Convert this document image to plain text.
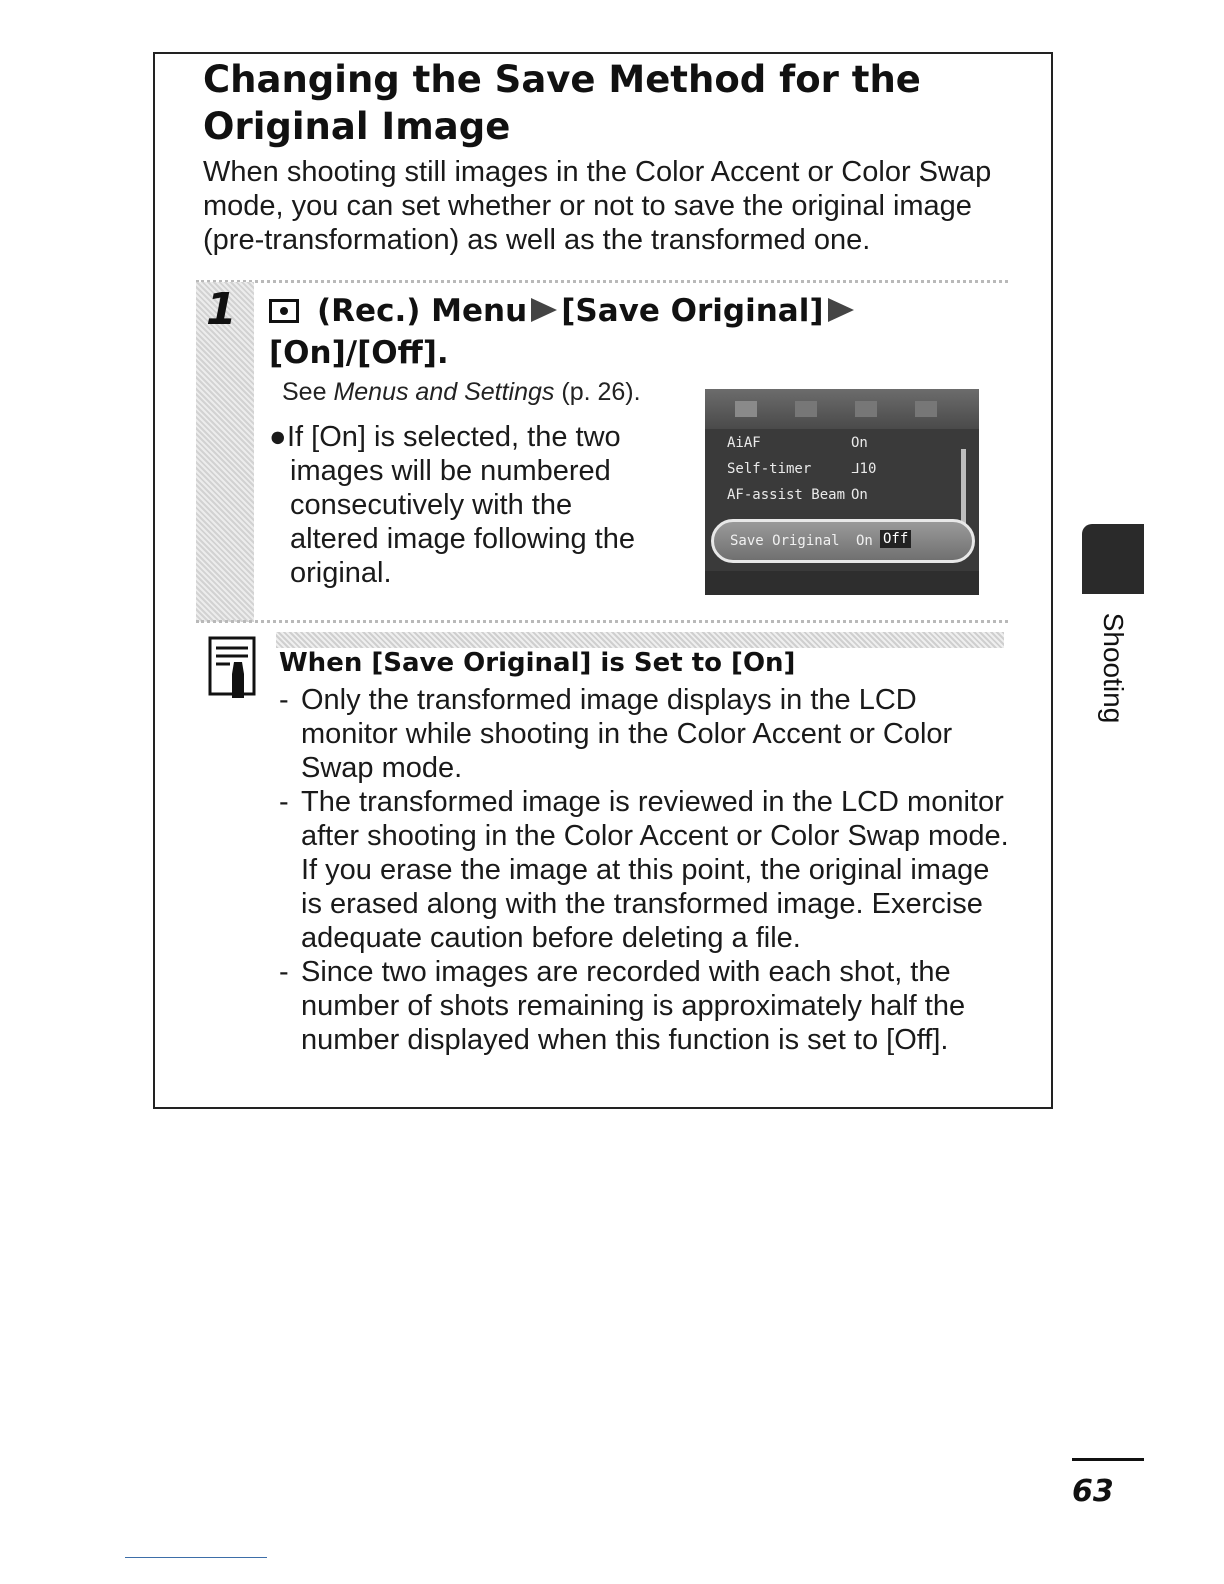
Changing the Save Method for the Original Image

When shooting still images in the Color Accent or Color Swap mode, you can set whether or not to save the original image (pre-transformation) as well as the transformed one.

1	(Rec.) Menu [Save Original]
[On]/[Off].
See Menus and Settings (p. 26).
●If [On] is selected, the two
images will be numbered
consecutively with the
altered image following the
original.
AiAF	On
Self-timer	ᒧ10
AF-assist Beam On
Save Original On Off
When [Save Original] is Set to [On]
- Only the transformed image displays in the LCD monitor while shooting in the Color Accent or Color Swap mode.
- The transformed image is reviewed in the LCD monitor after shooting in the Color Accent or Color Swap mode. If you erase the image at this point, the original image is erased along with the transformed image. Exercise adequate caution before deleting a file.
- Since two images are recorded with each shot, the number of shots remaining is approximately half the number displayed when this function is set to [Off].
Shooting
63
